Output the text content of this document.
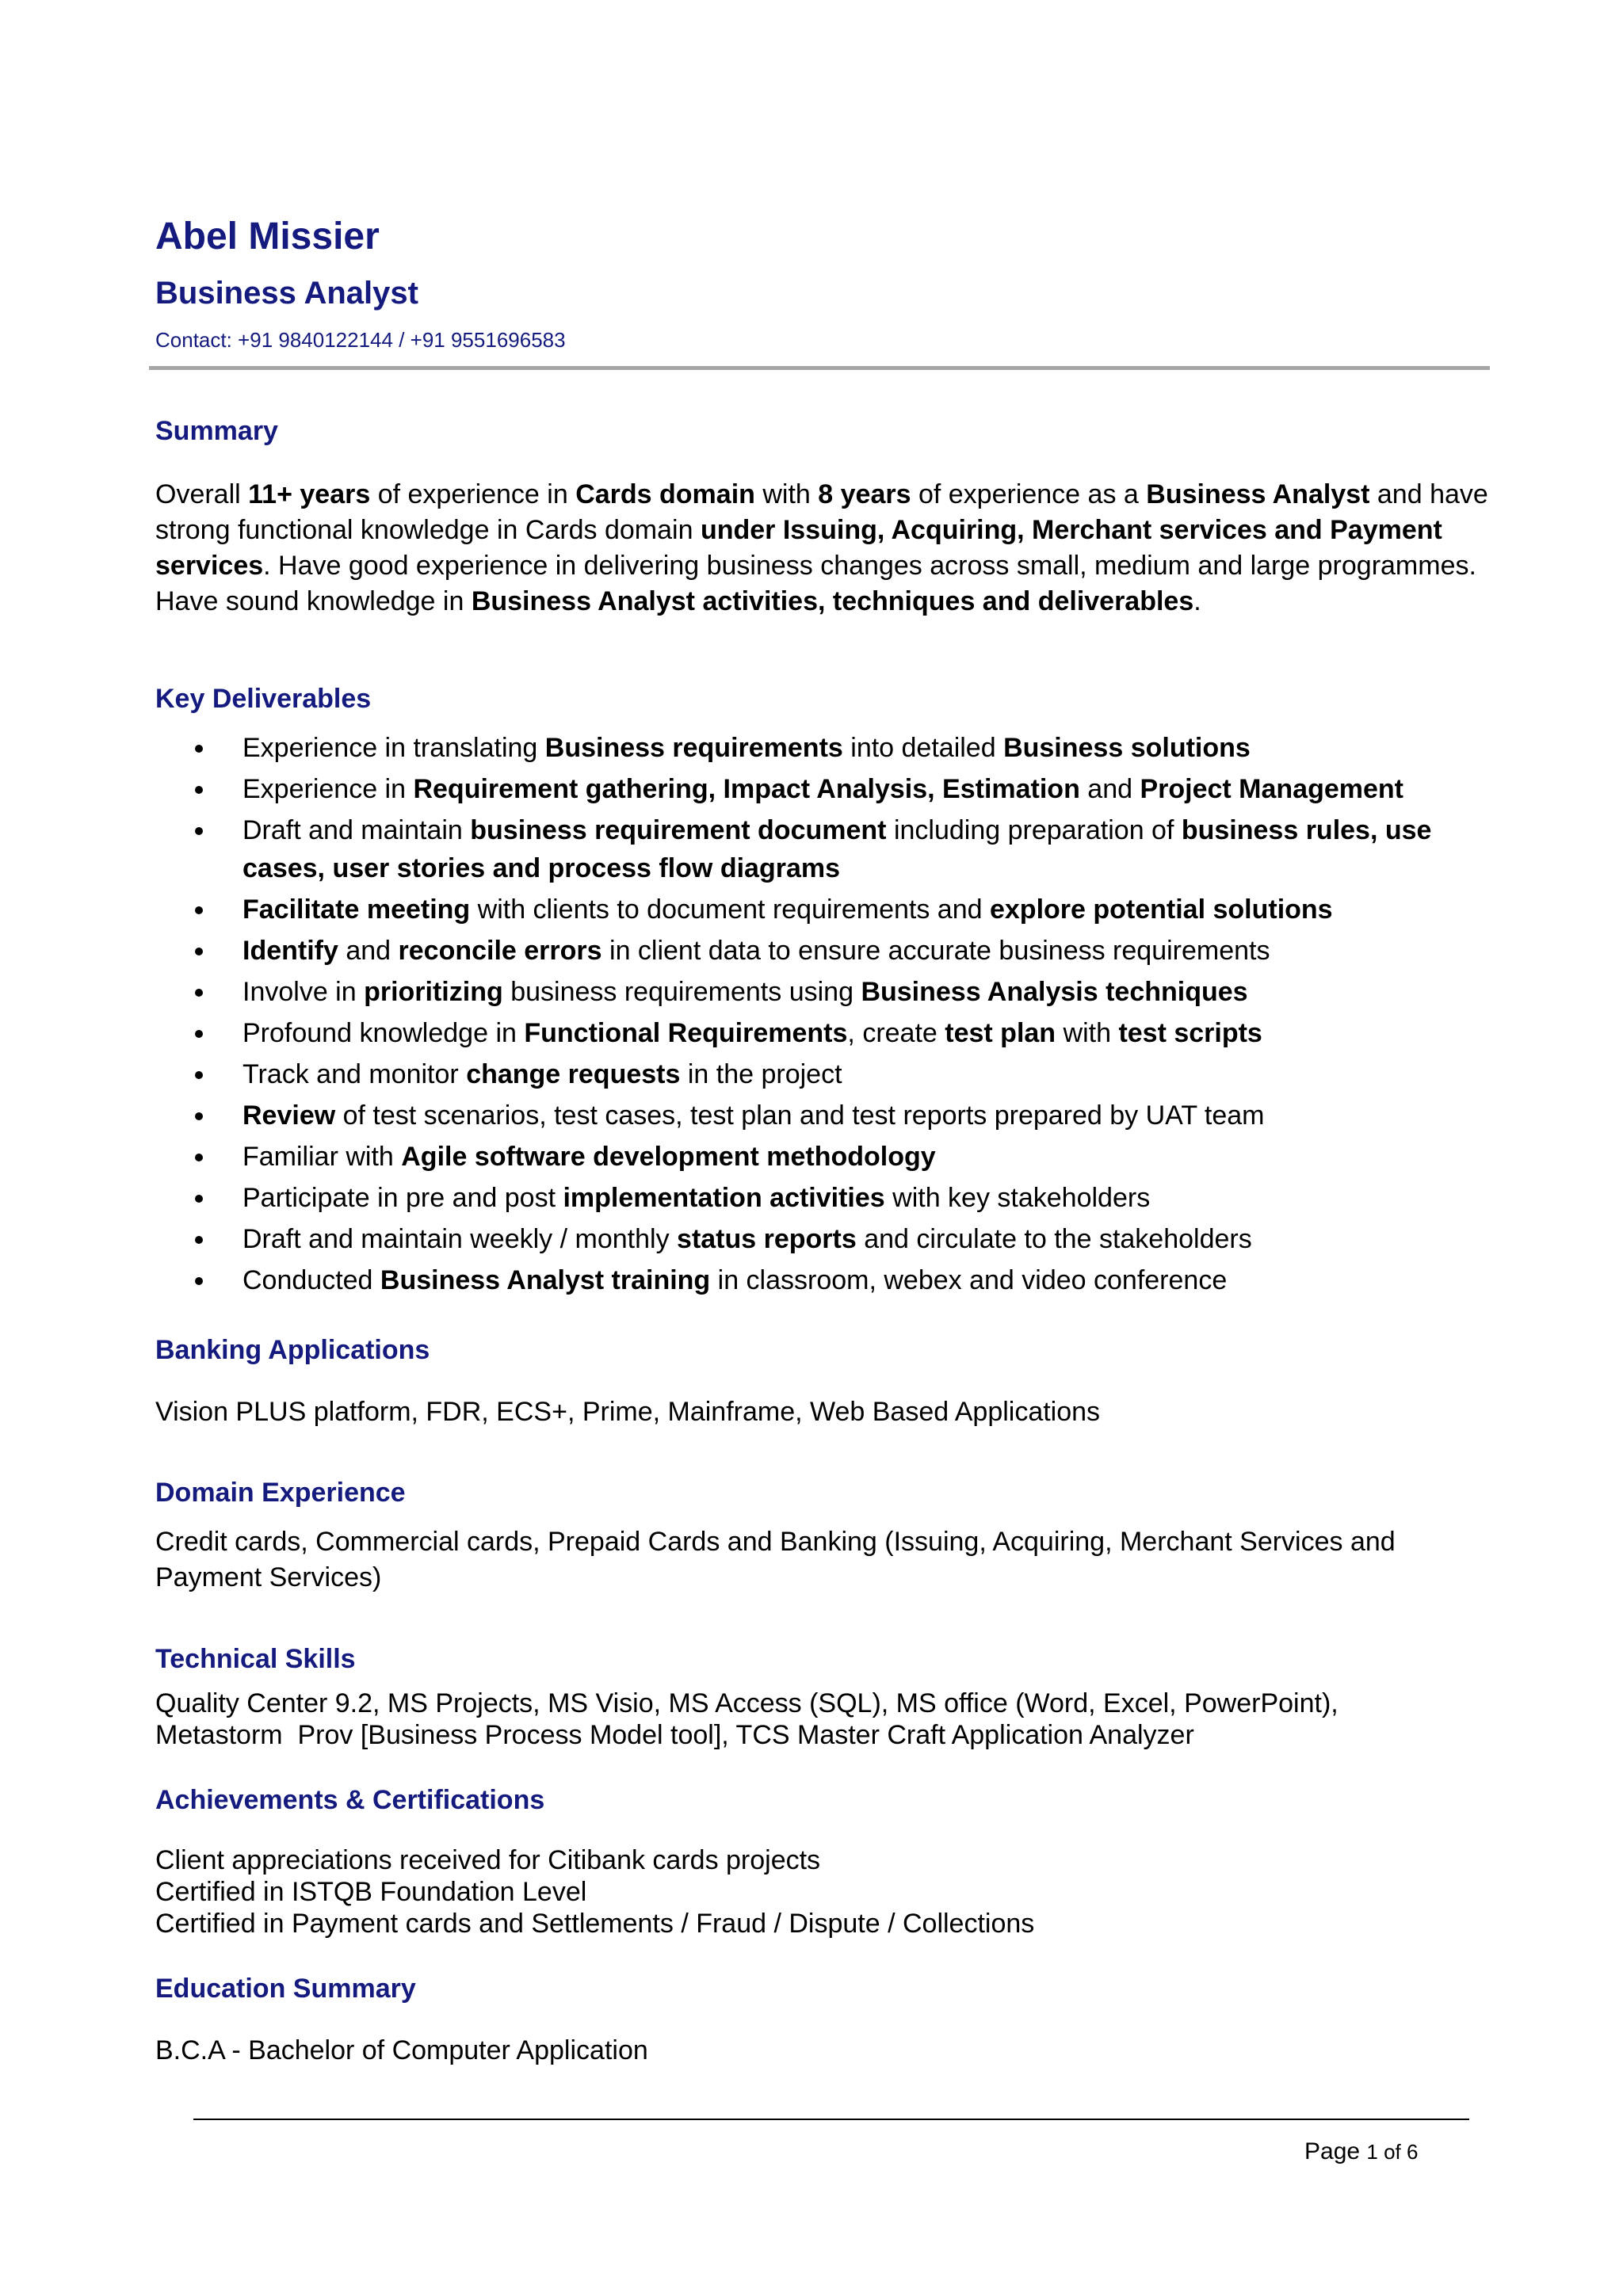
Abel Missier
Business Analyst
Contact: +91 9840122144 / +91 9551696583
Summary

Overall 11+ years of experience in Cards domain with 8 years of experience as a Business Analyst and have strong functional knowledge in Cards domain under Issuing, Acquiring, Merchant services and Payment services. Have good experience in delivering business changes across small, medium and large programmes. Have sound knowledge in Business Analyst activities, techniques and deliverables.

Key Deliverables
Experience in translating Business requirements into detailed Business solutions
Experience in Requirement gathering, Impact Analysis, Estimation and Project Management
Draft and maintain business requirement document including preparation of business rules, use cases, user stories and process flow diagrams
Facilitate meeting with clients to document requirements and explore potential solutions
Identify and reconcile errors in client data to ensure accurate business requirements
Involve in prioritizing business requirements using Business Analysis techniques
Profound knowledge in Functional Requirements, create test plan with test scripts
Track and monitor change requests in the project
Review of test scenarios, test cases, test plan and test reports prepared by UAT team
Familiar with Agile software development methodology
Participate in pre and post implementation activities with key stakeholders
Draft and maintain weekly / monthly status reports and circulate to the stakeholders
Conducted Business Analyst training in classroom, webex and video conference
Banking Applications

Vision PLUS platform, FDR, ECS+, Prime, Mainframe, Web Based Applications

Domain Experience

Credit cards, Commercial cards, Prepaid Cards and Banking (Issuing, Acquiring, Merchant Services and Payment Services)

Technical Skills

Quality Center 9.2, MS Projects, MS Visio, MS Access (SQL), MS office (Word, Excel, PowerPoint),

Metastorm  Prov [Business Process Model tool], TCS Master Craft Application Analyzer

Achievements & Certifications

Client appreciations received for Citibank cards projects

Certified in ISTQB Foundation Level

Certified in Payment cards and Settlements / Fraud / Dispute / Collections

Education Summary

B.C.A - Bachelor of Computer Application

Page 1 of 6
